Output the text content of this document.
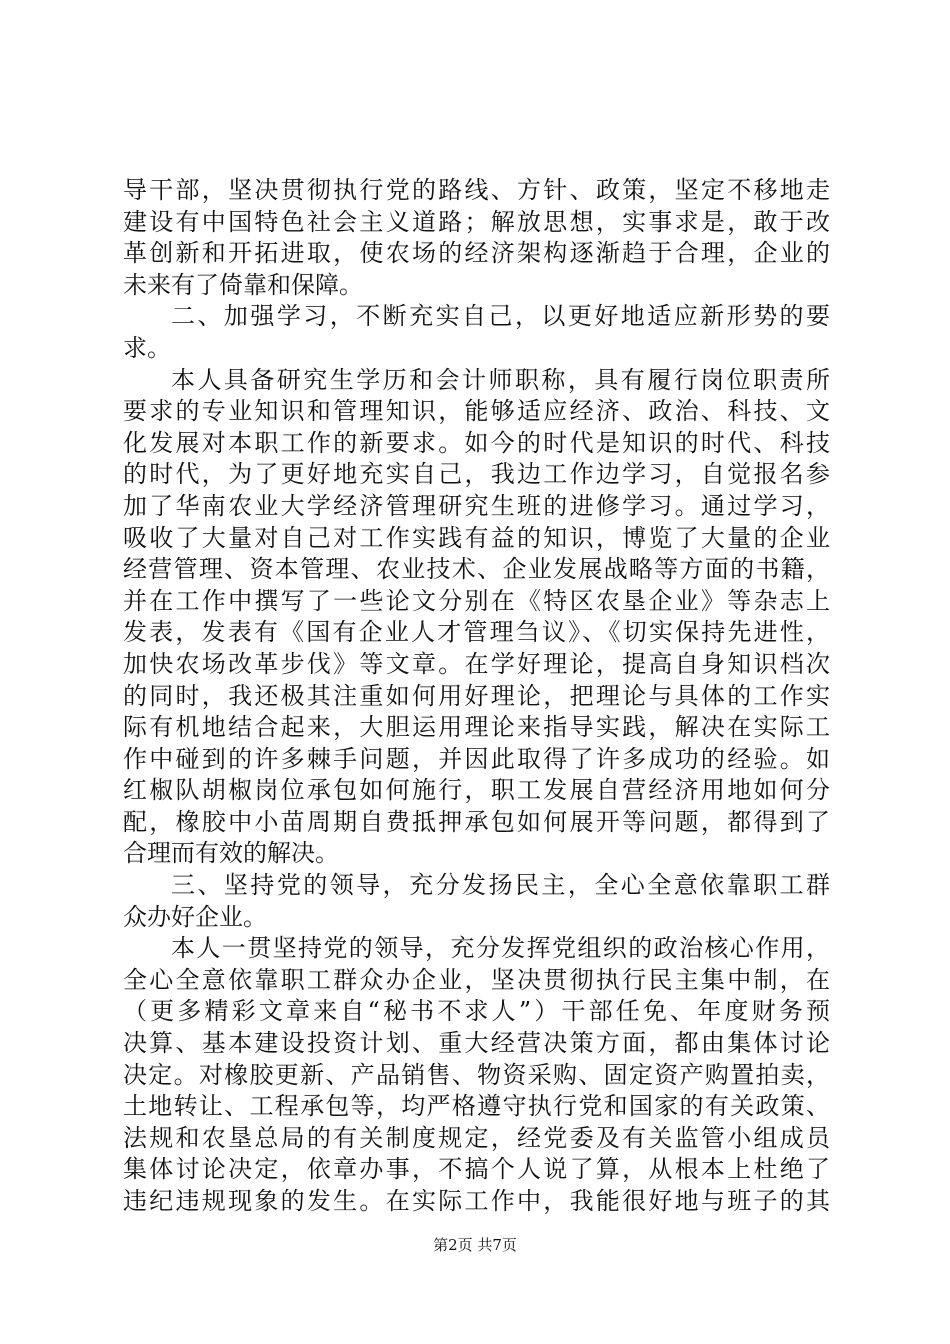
导干部，坚决贯彻执行党的路线、方针、政策，坚定不移地走
建设有中国特色社会主义道路；解放思想，实事求是，敢于改
革创新和开拓进取，使农场的经济架构逐渐趋于合理，企业的
未来有了倚靠和保障。
二、加强学习，不断充实自己，以更好地适应新形势的要
求。
本人具备研究生学历和会计师职称，具有履行岗位职责所
要求的专业知识和管理知识，能够适应经济、政治、科技、文
化发展对本职工作的新要求。如今的时代是知识的时代、科技
的时代，为了更好地充实自己，我边工作边学习，自觉报名参
加了华南农业大学经济管理研究生班的进修学习。通过学习，
吸收了大量对自己对工作实践有益的知识，博览了大量的企业
经营管理、资本管理、农业技术、企业发展战略等方面的书籍，
并在工作中撰写了一些论文分别在《特区农垦企业》等杂志上
发表，发表有《国有企业人才管理刍议》、《切实保持先进性，
加快农场改革步伐》等文章。在学好理论，提高自身知识档次
的同时，我还极其注重如何用好理论，把理论与具体的工作实
际有机地结合起来，大胆运用理论来指导实践，解决在实际工
作中碰到的许多棘手问题，并因此取得了许多成功的经验。如
红椒队胡椒岗位承包如何施行，职工发展自营经济用地如何分
配，橡胶中小苗周期自费抵押承包如何展开等问题，都得到了
合理而有效的解决。
三、坚持党的领导，充分发扬民主，全心全意依靠职工群
众办好企业。
本人一贯坚持党的领导，充分发挥党组织的政治核心作用，
全心全意依靠职工群众办企业，坚决贯彻执行民主集中制，在
（更多精彩文章来自“秘书不求人”）干部任免、年度财务预
决算、基本建设投资计划、重大经营决策方面，都由集体讨论
决定。对橡胶更新、产品销售、物资采购、固定资产购置拍卖，
土地转让、工程承包等，均严格遵守执行党和国家的有关政策、
法规和农垦总局的有关制度规定，经党委及有关监管小组成员
集体讨论决定，依章办事，不搞个人说了算，从根本上杜绝了
违纪违规现象的发生。在实际工作中，我能很好地与班子的其
第2页 共7页
